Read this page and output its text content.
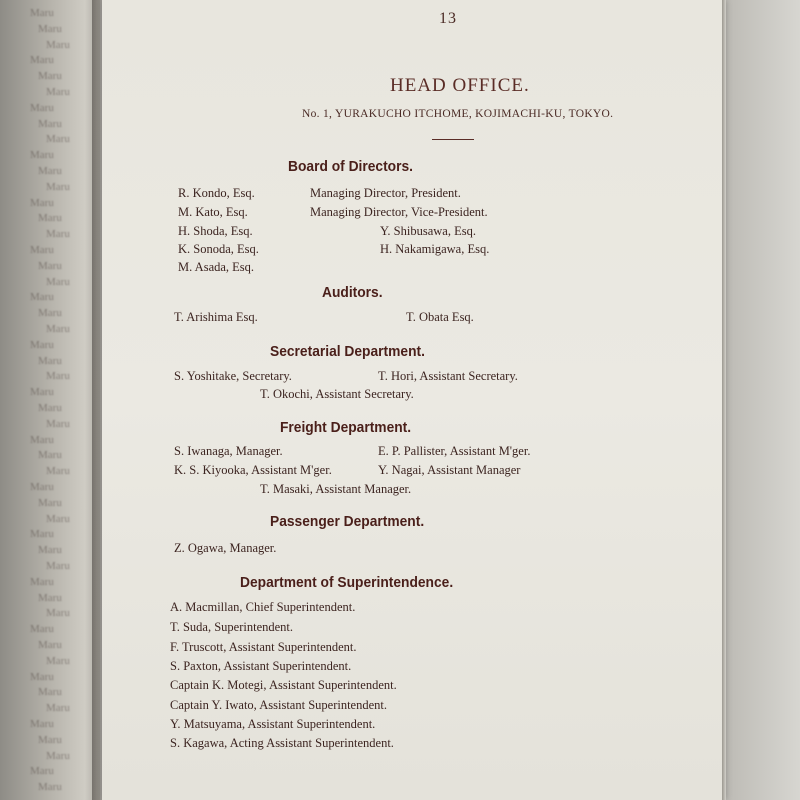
Maru
Maru
Maru
Maru
Maru
Maru
Maru
Maru
Maru
Maru
Maru
Maru
Maru
Maru
Maru
Maru
Maru
Maru
Maru
Maru
Maru
Maru
Maru
Maru
Maru
Maru
Maru
Maru
Maru
Maru
Maru
Maru
Maru
Maru
Maru
Maru
Maru
Maru
Maru
Maru
Maru
Maru
Maru
Maru
Maru
Maru
Maru
Maru
Maru
Maru

13

HEAD OFFICE.

No. 1, YURAKUCHO ITCHOME, KOJIMACHI-KU, TOKYO.

Board of Directors.

R. Kondo, Esq.	Managing Director, President.

M. Kato, Esq.	Managing Director, Vice-President.

H. Shoda, Esq.	Y. Shibusawa, Esq.

K. Sonoda, Esq.	H. Nakamigawa, Esq.

M. Asada, Esq.

Auditors.

T. Arishima Esq.	T. Obata Esq.

Secretarial Department.

S. Yoshitake, Secretary.	T. Hori, Assistant Secretary.

T. Okochi, Assistant Secretary.

Freight Department.

S. Iwanaga, Manager.	E. P. Pallister, Assistant M'ger.

K. S. Kiyooka, Assistant M'ger.	Y. Nagai, Assistant Manager

T. Masaki, Assistant Manager.

Passenger Department.

Z. Ogawa, Manager.

Department of Superintendence.

A. Macmillan, Chief Superintendent.

T. Suda, Superintendent.

F. Truscott, Assistant Superintendent.

S. Paxton, Assistant Superintendent.

Captain K. Motegi, Assistant Superintendent.

Captain Y. Iwato, Assistant Superintendent.

Y. Matsuyama, Assistant Superintendent.

S. Kagawa, Acting Assistant Superintendent.
